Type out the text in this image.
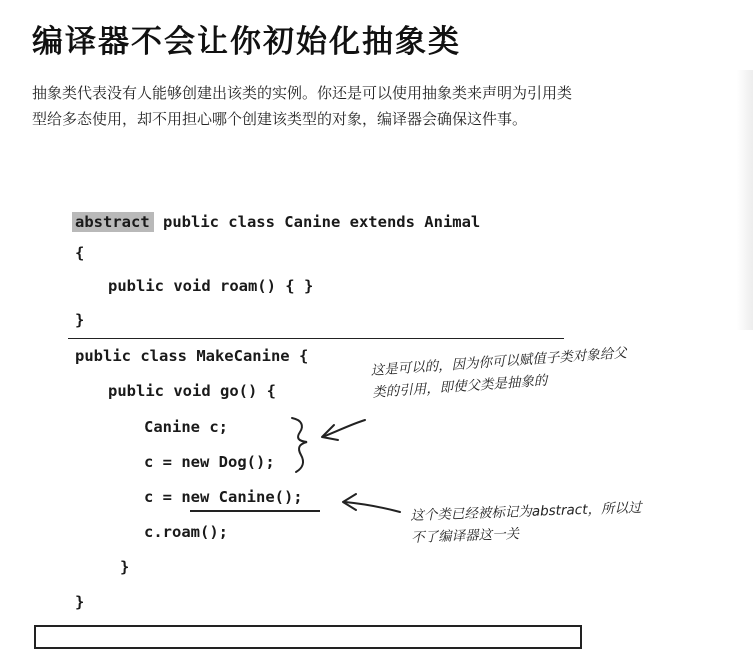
编译器不会让你初始化抽象类
抽象类代表没有人能够创建出该类的实例。你还是可以使用抽象类来声明为引用类型给多态使用，却不用担心哪个创建该类型的对象，编译器会确保这件事。
abstract public class Canine extends Animal
{
public void roam() { }
}
public class MakeCanine {
public void go() {
Canine c;
c = new Dog();
c = new Canine();
c.roam();
}
}
这是可以的，因为你可以赋值子类对象给父
类的引用，即使父类是抽象的
这个类已经被标记为abstract，所以过
不了编译器这一关
